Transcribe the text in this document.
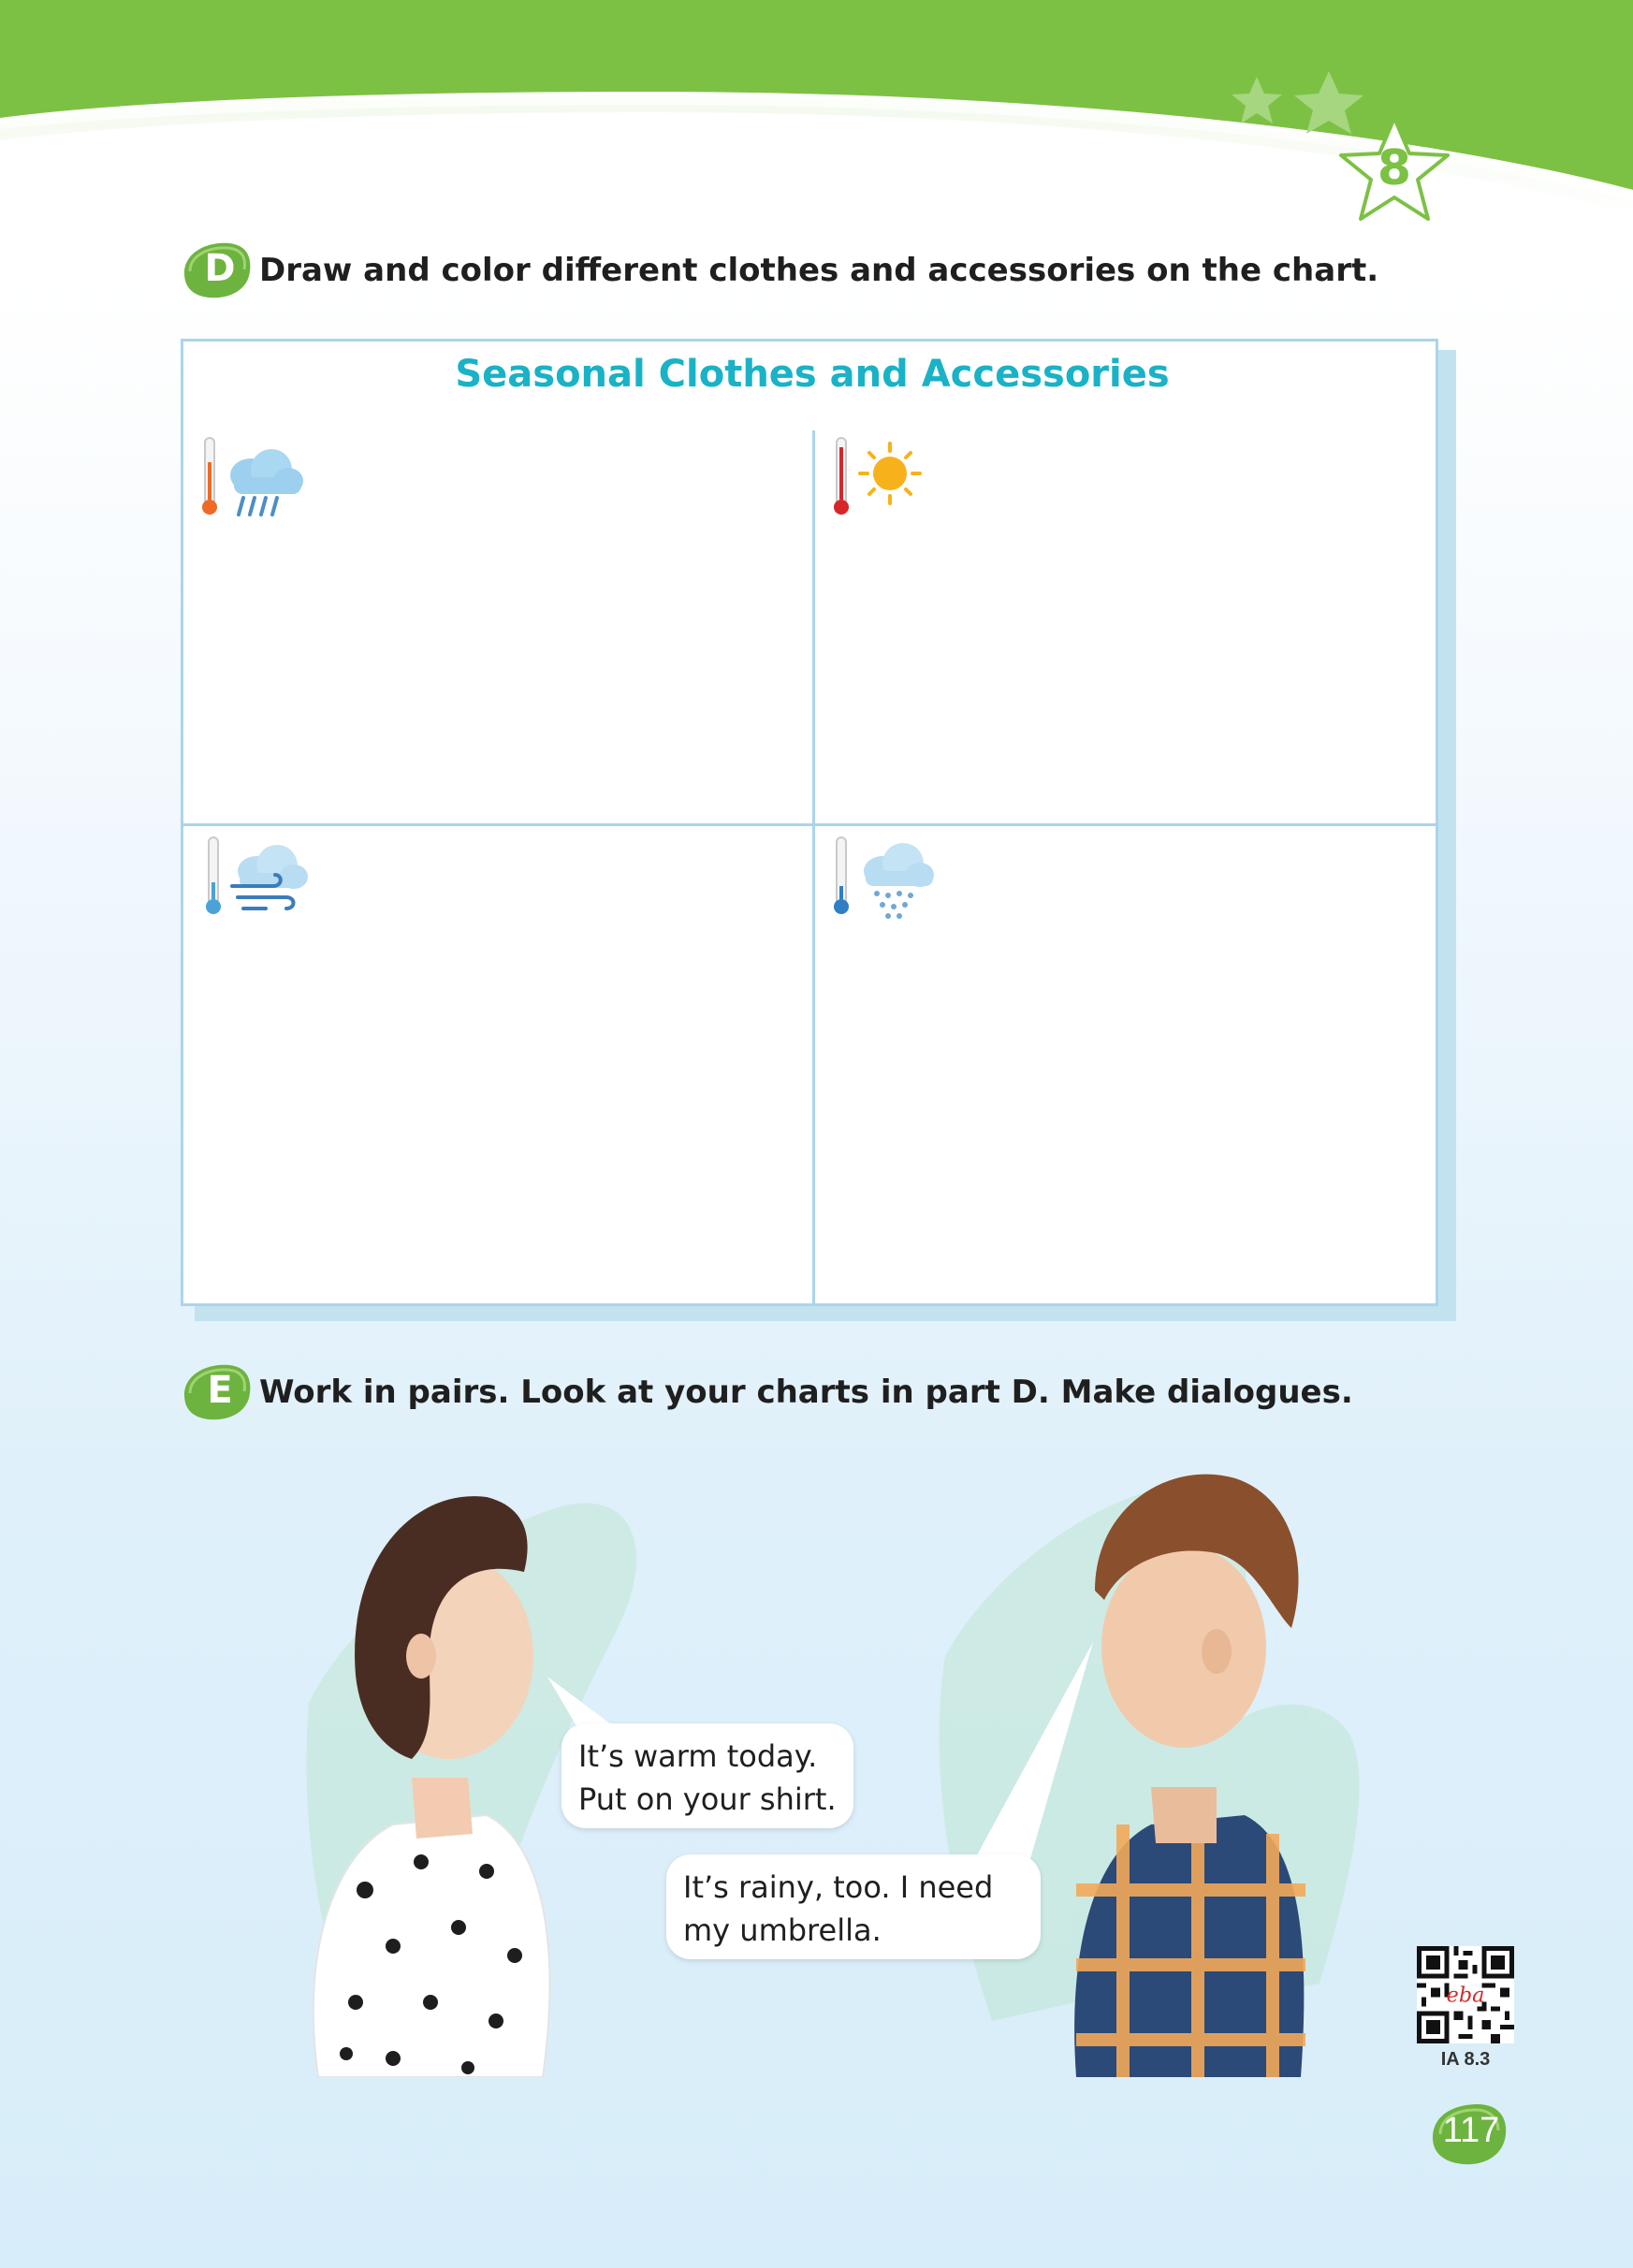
8
D Draw and color different clothes and accessories on the chart.
Seasonal Clothes and Accessories
E Work in pairs. Look at your charts in part D. Make dialogues.
It’s warm today.
Put on your shirt.
It’s rainy, too. I need
my umbrella.
eba
IA 8.3
117
